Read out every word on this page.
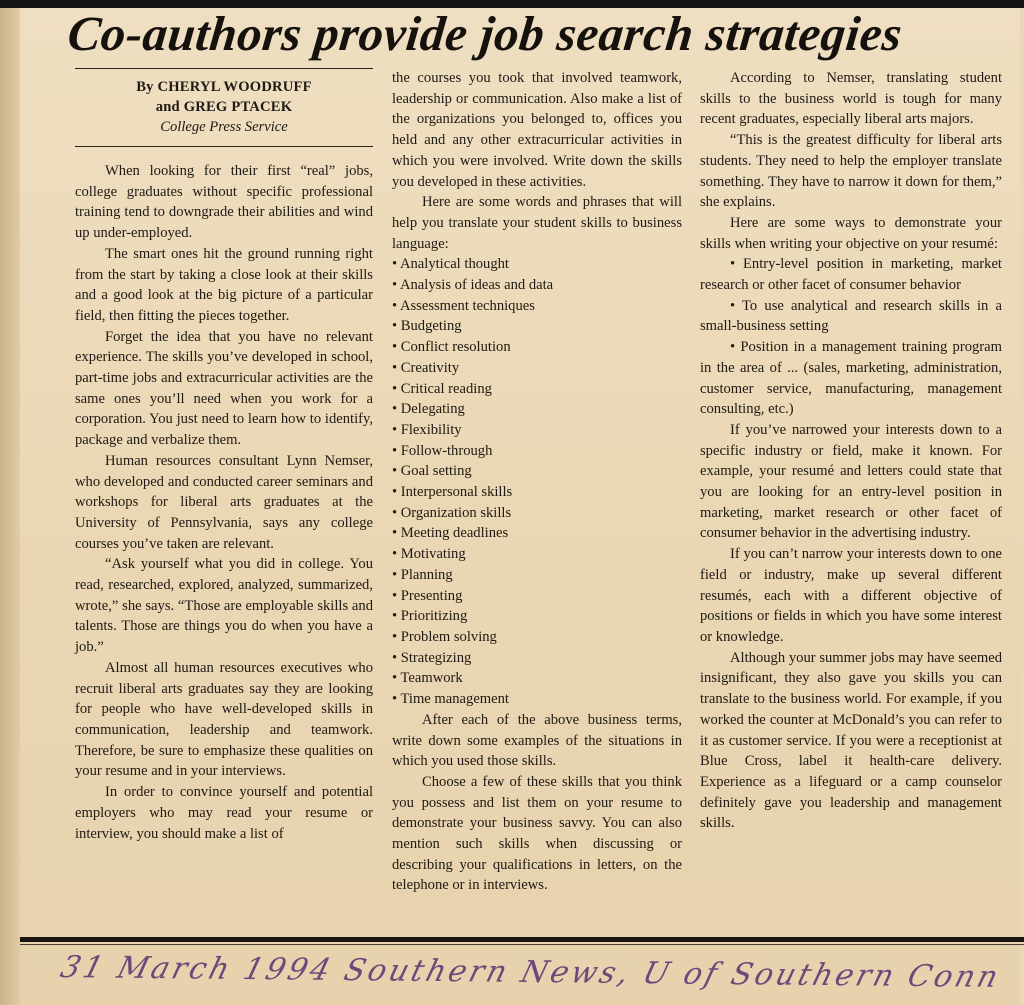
Co-authors provide job search strategies
By CHERYL WOODRUFF
and GREG PTACEK
College Press Service

When looking for their first “real” jobs, college graduates without specific professional training tend to downgrade their abilities and wind up under-employed.

The smart ones hit the ground running right from the start by taking a close look at their skills and a good look at the big picture of a particular field, then fitting the pieces together.

Forget the idea that you have no relevant experience. The skills you’ve developed in school, part-time jobs and extracurricular activities are the same ones you’ll need when you work for a corporation. You just need to learn how to identify, package and verbalize them.

Human resources consultant Lynn Nemser, who developed and conducted career seminars and workshops for liberal arts graduates at the University of Pennsylvania, says any college courses you’ve taken are relevant.

“Ask yourself what you did in college. You read, researched, explored, analyzed, summarized, wrote,” she says. “Those are employable skills and talents. Those are things you do when you have a job.”

Almost all human resources executives who recruit liberal arts graduates say they are looking for people who have well-developed skills in communication, leadership and teamwork. Therefore, be sure to emphasize these qualities on your resume and in your interviews.

In order to convince yourself and potential employers who may read your resume or interview, you should make a list of

the courses you took that involved teamwork, leadership or communication. Also make a list of the organizations you belonged to, offices you held and any other extracurricular activities in which you were involved. Write down the skills you developed in these activities.

Here are some words and phrases that will help you translate your student skills to business language:

• Analytical thought
• Analysis of ideas and data
• Assessment techniques
• Budgeting
• Conflict resolution
• Creativity
• Critical reading
• Delegating
• Flexibility
• Follow-through
• Goal setting
• Interpersonal skills
• Organization skills
• Meeting deadlines
• Motivating
• Planning
• Presenting
• Prioritizing
• Problem solving
• Strategizing
• Teamwork
• Time management

After each of the above business terms, write down some examples of the situations in which you used those skills.

Choose a few of these skills that you think you possess and list them on your resume to demonstrate your business savvy. You can also mention such skills when discussing or describing your qualifications in letters, on the telephone or in interviews.

According to Nemser, translating student skills to the business world is tough for many recent graduates, especially liberal arts majors.

“This is the greatest difficulty for liberal arts students. They need to help the employer translate something. They have to narrow it down for them,” she explains.

Here are some ways to demonstrate your skills when writing your objective on your resumé:

• Entry-level position in marketing, market research or other facet of consumer behavior

• To use analytical and research skills in a small-business setting

• Position in a management training program in the area of ... (sales, marketing, administration, customer service, manufacturing, management consulting, etc.)

If you’ve narrowed your interests down to a specific industry or field, make it known. For example, your resumé and letters could state that you are looking for an entry-level position in marketing, market research or other facet of consumer behavior in the advertising industry.

If you can’t narrow your interests down to one field or industry, make up several different resumés, each with a different objective of positions or fields in which you have some interest or knowledge.

Although your summer jobs may have seemed insignificant, they also gave you skills you can translate to the business world. For example, if you worked the counter at McDonald’s you can refer to it as customer service. If you were a receptionist at Blue Cross, label it health-care delivery. Experience as a lifeguard or a camp counselor definitely gave you leadership and management skills.

31 March 1994 Southern News, U of Southern Conn
